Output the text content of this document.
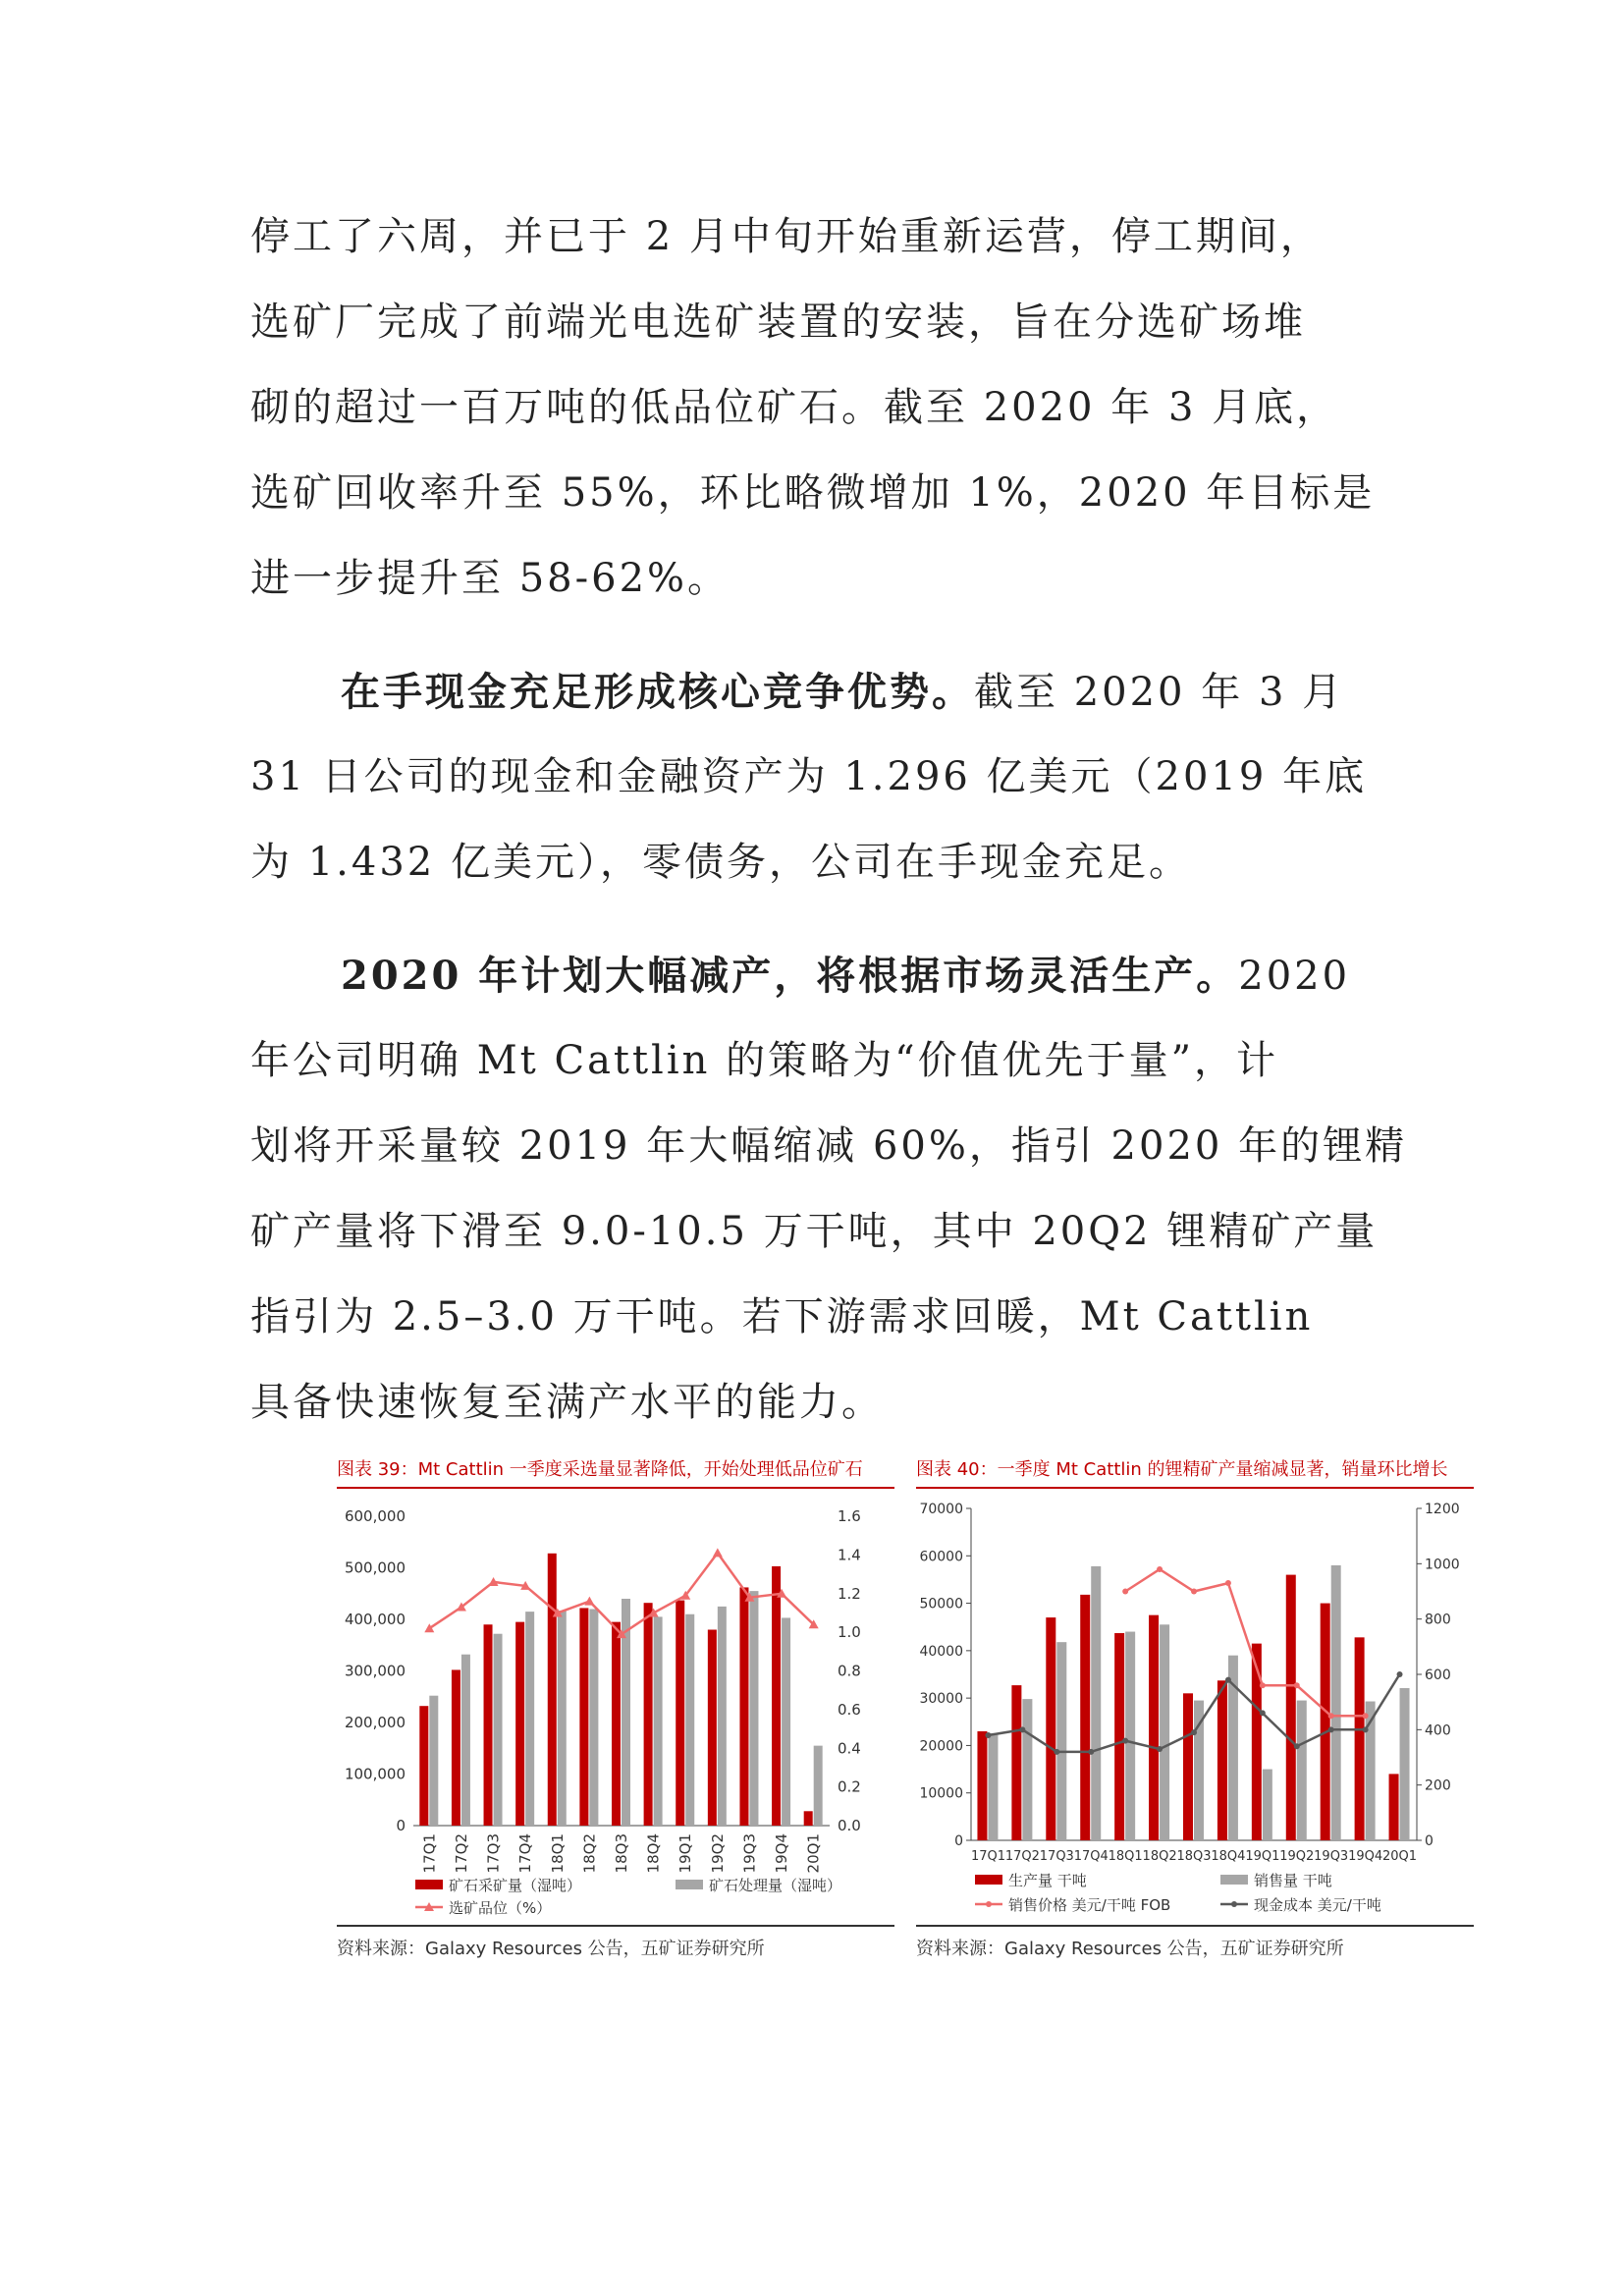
停工了六周，并已于 2 月中旬开始重新运营，停工期间，
选矿厂完成了前端光电选矿装置的安装，旨在分选矿场堆
砌的超过一百万吨的低品位矿石。截至 2020 年 3 月底，
选矿回收率升至 55%，环比略微增加 1%，2020 年目标是
进一步提升至 58-62%。
在手现金充足形成核心竞争优势。截至 2020 年 3 月
31 日公司的现金和金融资产为 1.296 亿美元（2019 年底
为 1.432 亿美元），零债务，公司在手现金充足。
2020 年计划大幅减产，将根据市场灵活生产。2020
年公司明确 Mt Cattlin 的策略为“价值优先于量”，计
划将开采量较 2019 年大幅缩减 60%，指引 2020 年的锂精
矿产量将下滑至 9.0-10.5 万干吨，其中 20Q2 锂精矿产量
指引为 2.5–3.0 万干吨。若下游需求回暖，Mt Cattlin
具备快速恢复至满产水平的能力。
图表 39：Mt Cattlin 一季度采选量显著降低，开始处理低品位矿石
0
100,000
200,000
300,000
400,000
500,000
600,000
0.0
0.2
0.4
0.6
0.8
1.0
1.2
1.4
1.6
17Q1 17Q2 17Q3 17Q4 18Q1 18Q2 18Q3 18Q4 19Q1 19Q2 19Q3 19Q4 20Q1
矿石采矿量（湿吨）	矿石处理量（湿吨）
选矿品位（%）
资料来源：Galaxy Resources 公告，五矿证券研究所
图表 40：一季度 Mt Cattlin 的锂精矿产量缩减显著，销量环比增长
0
10000
20000
30000
40000
50000
60000
70000
0
200
400
600
800
1000
1200
17Q1 17Q2 17Q3 17Q4 18Q1 18Q2 18Q3 18Q4 19Q1 19Q2 19Q3 19Q4 20Q1
生产量 干吨	销售量 干吨
销售价格 美元/干吨 FOB	现金成本 美元/干吨
资料来源：Galaxy Resources 公告，五矿证券研究所
